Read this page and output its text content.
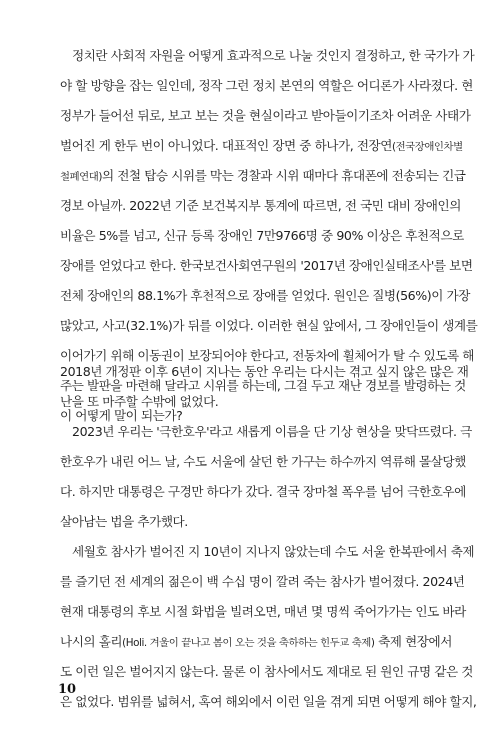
정치란 사회적 자원을 어떻게 효과적으로 나눌 것인지 결정하고, 한 국가가 가
야 할 방향을 잡는 일인데, 정작 그런 정치 본연의 역할은 어디론가 사라졌다. 현
정부가 들어선 뒤로, 보고 보는 것을 현실이라고 받아들이기조차 어려운 사태가
벌어진 게 한두 번이 아니었다. 대표적인 장면 중 하나가, 전장연(전국장애인차별
철폐연대)의 전철 탑승 시위를 막는 경찰과 시위 때마다 휴대폰에 전송되는 긴급
경보 아닐까. 2022년 기준 보건복지부 통계에 따르면, 전 국민 대비 장애인의
비율은 5%를 넘고, 신규 등록 장애인 7만9766명 중 90% 이상은 후천적으로
장애를 얻었다고 한다. 한국보건사회연구원의 '2017년 장애인실태조사'를 보면
전체 장애인의 88.1%가 후천적으로 장애를 얻었다. 원인은 질병(56%)이 가장
많았고, 사고(32.1%)가 뒤를 이었다. 이러한 현실 앞에서, 그 장애인들이 생계를
이어가기 위해 이동권이 보장되어야 한다고, 전동차에 휠체어가 탈 수 있도록 해
주는 발판을 마련해 달라고 시위를 하는데, 그걸 두고 재난 경보를 발령하는 것
이 어떻게 말이 되는가?
2018년 개정판 이후 6년이 지나는 동안 우리는 다시는 겪고 싶지 않은 많은 재
난을 또 마주할 수밖에 없었다.
2023년 우리는 '극한호우'라고 새롭게 이름을 단 기상 현상을 맞닥뜨렸다. 극
한호우가 내린 어느 날, 수도 서울에 살던 한 가구는 하수까지 역류해 몰살당했
다. 하지만 대통령은 구경만 하다가 갔다. 결국 장마철 폭우를 넘어 극한호우에
살아남는 법을 추가했다.
세월호 참사가 벌어진 지 10년이 지나지 않았는데 수도 서울 한복판에서 축제
를 즐기던 전 세계의 젊은이 백 수십 명이 깔려 죽는 참사가 벌어졌다. 2024년
현재 대통령의 후보 시절 화법을 빌려오면, 매년 몇 명씩 죽어가가는 인도 바라
나시의 홀리(Holi. 겨울이 끝나고 봄이 오는 것을 축하하는 힌두교 축제) 축제 현장에서
도 이런 일은 벌어지지 않는다. 물론 이 참사에서도 제대로 된 원인 규명 같은 것
은 없었다. 범위를 넓혀서, 혹여 해외에서 이런 일을 겪게 되면 어떻게 해야 할지,
10
